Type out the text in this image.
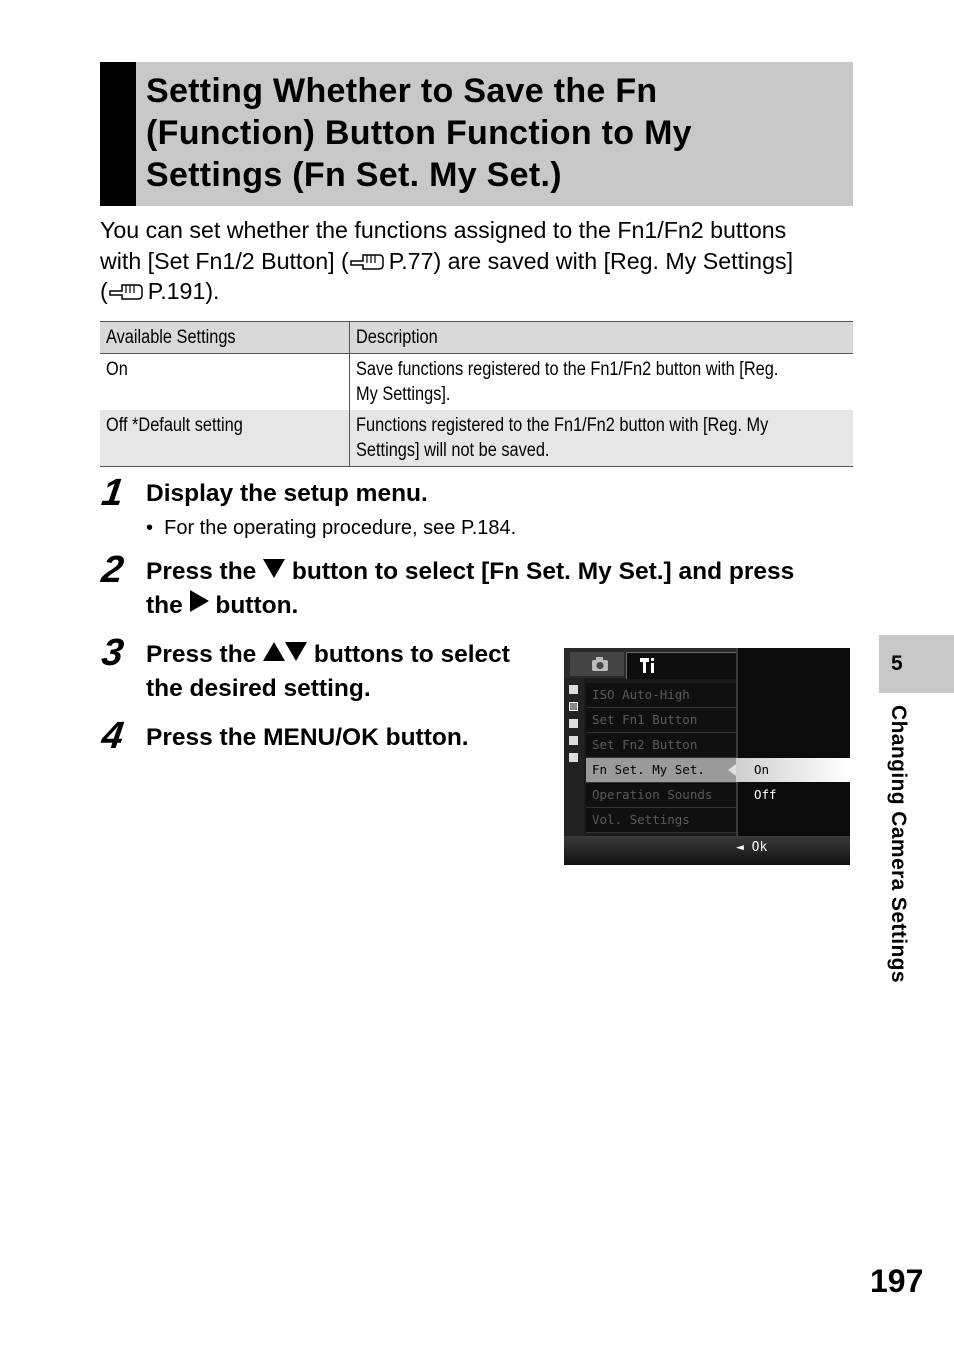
Setting Whether to Save the Fn
(Function) Button Function to My
Settings (Fn Set. My Set.)
You can set whether the functions assigned to the Fn1/Fn2 buttons
with [Set Fn1/2 Button] ( P.77) are saved with [Reg. My Settings]
( P.191).
Available Settings	Description
On	Save functions registered to the Fn1/Fn2 button with [Reg.
My Settings].
Off *Default setting	Functions registered to the Fn1/Fn2 button with [Reg. My
Settings] will not be saved.
1 Display the setup menu.
•  For the operating procedure, see P.184.
2 Press the  button to select [Fn Set. My Set.] and press
the  button.
3 Press the  buttons to select
the desired setting.
4 Press the MENU/OK button.
ISO Auto-High
Set Fn1 Button
Set Fn2 Button
Fn Set. My Set.
Operation Sounds
Vol. Settings
On
Off
◄ Ok
5
Changing Camera Settings
197
